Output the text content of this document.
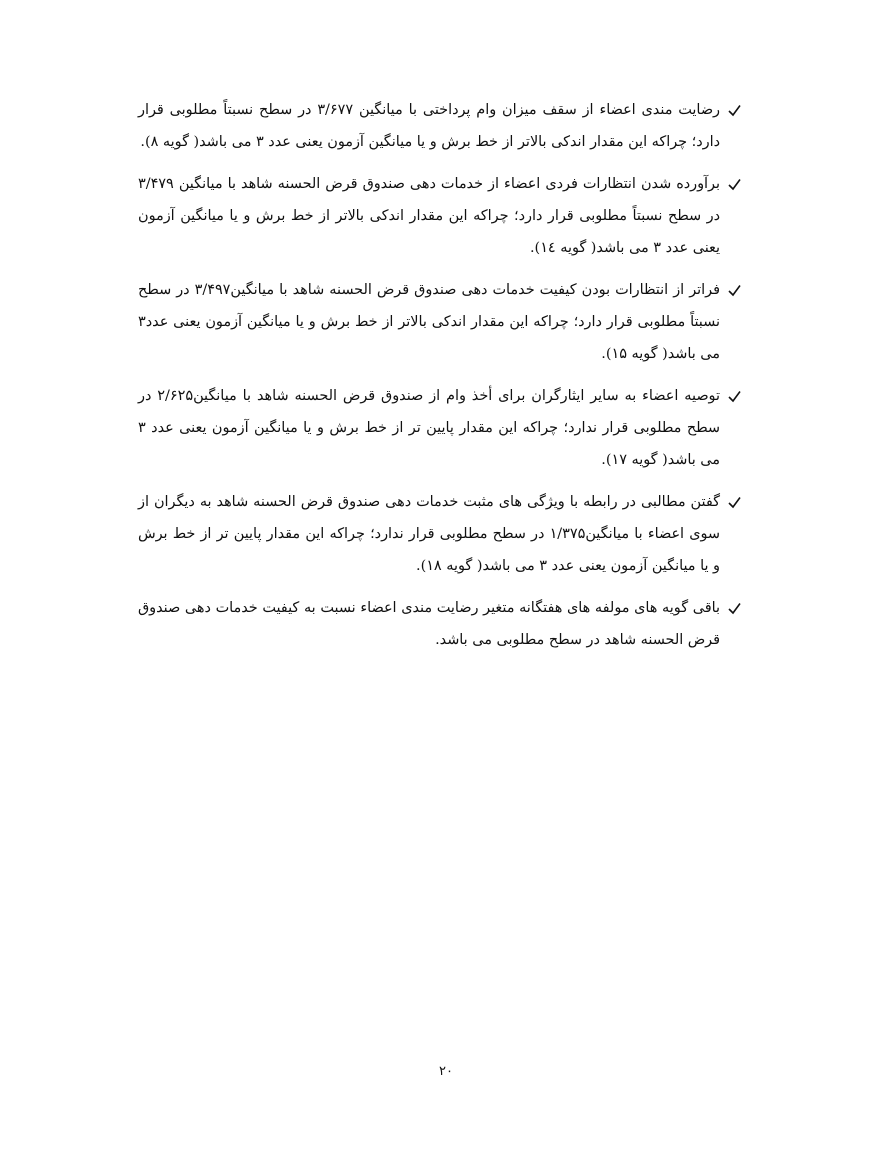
رضایت مندی اعضاء از سقف میزان وام پرداختی با میانگین ۳/۶۷۷ در سطح نسبتاً مطلوبی قرار دارد؛ چراکه این مقدار اندکی بالاتر از خط برش و یا میانگین آزمون یعنی عدد ۳ می باشد( گویه ۸).
برآورده شدن انتظارات فردی اعضاء از خدمات دهی صندوق قرض الحسنه شاهد با میانگین ۳/۴۷۹ در سطح نسبتاً مطلوبی قرار دارد؛ چراکه این مقدار اندکی بالاتر از خط برش و یا میانگین آزمون یعنی عدد ۳ می باشد( گویه ١٤).
فراتر از انتظارات بودن کیفیت خدمات دهی صندوق قرض الحسنه شاهد با میانگین۳/۴۹۷ در سطح نسبتاً مطلوبی قرار دارد؛ چراکه این مقدار اندکی بالاتر از خط برش و یا میانگین آزمون یعنی عدد۳ می باشد( گویه ۱۵).
توصیه اعضاء به سایر ایثارگران برای أخذ وام از صندوق قرض الحسنه شاهد با میانگین۲/۶۲۵ در سطح مطلوبی قرار ندارد؛ چراکه این مقدار پایین تر از خط برش و یا میانگین آزمون یعنی عدد ۳ می باشد( گویه ۱۷).
گفتن مطالبی در رابطه با ویژگی های مثبت خدمات دهی صندوق قرض الحسنه شاهد به دیگران از سوی اعضاء با میانگین۱/۳۷۵ در سطح مطلوبی قرار ندارد؛ چراکه این مقدار پایین تر از خط برش و یا میانگین آزمون یعنی عدد ۳ می باشد( گویه ۱۸).
باقی گویه های مولفه های هفتگانه متغیر رضایت مندی اعضاء نسبت به کیفیت خدمات دهی صندوق قرض الحسنه شاهد در سطح مطلوبی می باشد.
۲۰
